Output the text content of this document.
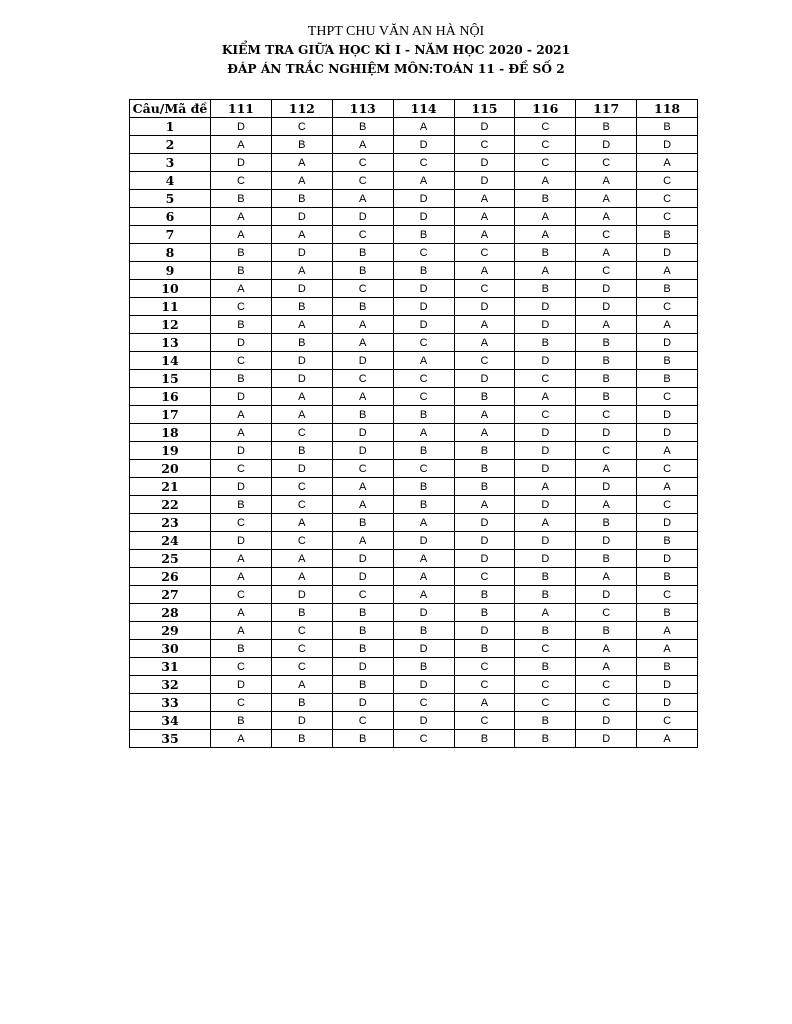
THPT CHU VĂN AN HÀ NỘI
KIỂM TRA GIỮA HỌC KÌ I - NĂM HỌC 2020 - 2021
ĐÁP ÁN TRẮC NGHIỆM MÔN:TOÁN 11 - ĐỀ SỐ 2
Câu/Mã đề	111	112	113	114	115	116	117	118
1	D	C	B	A	D	C	B	B
2	A	B	A	D	C	C	D	D
3	D	A	C	C	D	C	C	A
4	C	A	C	A	D	A	A	C
5	B	B	A	D	A	B	A	C
6	A	D	D	D	A	A	A	C
7	A	A	C	B	A	A	C	B
8	B	D	B	C	C	B	A	D
9	B	A	B	B	A	A	C	A
10	A	D	C	D	C	B	D	B
11	C	B	B	D	D	D	D	C
12	B	A	A	D	A	D	A	A
13	D	B	A	C	A	B	B	D
14	C	D	D	A	C	D	B	B
15	B	D	C	C	D	C	B	B
16	D	A	A	C	B	A	B	C
17	A	A	B	B	A	C	C	D
18	A	C	D	A	A	D	D	D
19	D	B	D	B	B	D	C	A
20	C	D	C	C	B	D	A	C
21	D	C	A	B	B	A	D	A
22	B	C	A	B	A	D	A	C
23	C	A	B	A	D	A	B	D
24	D	C	A	D	D	D	D	B
25	A	A	D	A	D	D	B	D
26	A	A	D	A	C	B	A	B
27	C	D	C	A	B	B	D	C
28	A	B	B	D	B	A	C	B
29	A	C	B	B	D	B	B	A
30	B	C	B	D	B	C	A	A
31	C	C	D	B	C	B	A	B
32	D	A	B	D	C	C	C	D
33	C	B	D	C	A	C	C	D
34	B	D	C	D	C	B	D	C
35	A	B	B	C	B	B	D	A
